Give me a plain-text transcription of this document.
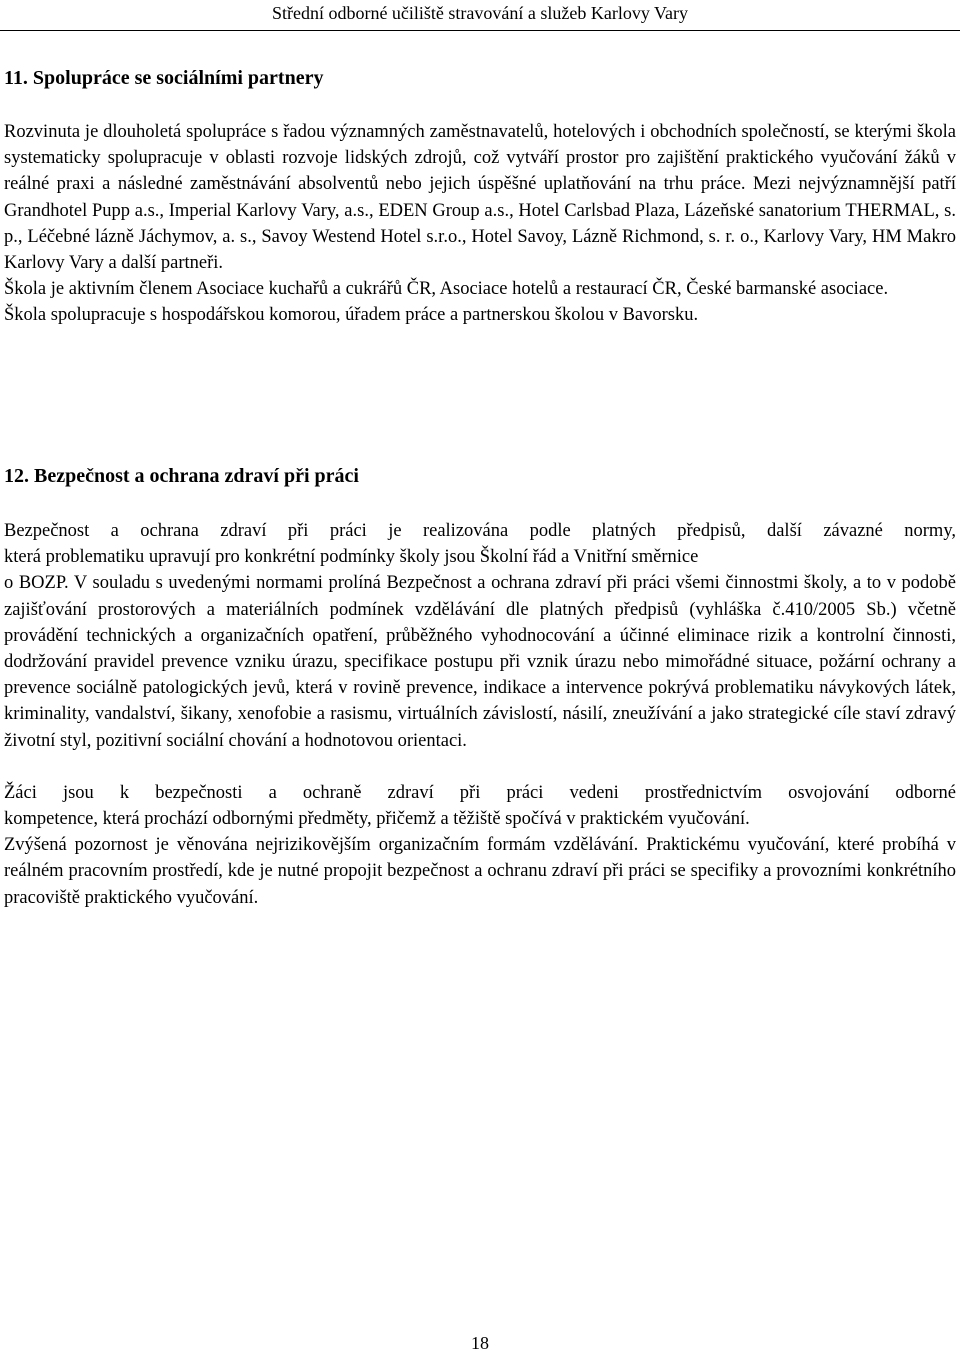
Střední odborné učiliště stravování a služeb Karlovy Vary
11. Spolupráce se sociálními partnery

Rozvinuta je dlouholetá spolupráce s řadou významných zaměstnavatelů, hotelových i obchodních společností, se kterými škola systematicky spolupracuje v oblasti rozvoje lidských zdrojů, což vytváří prostor pro zajištění praktického vyučování žáků v reálné praxi a následné zaměstnávání absolventů nebo jejich úspěšné uplatňování na trhu práce. Mezi nejvýznamnější patří Grandhotel Pupp a.s., Imperial Karlovy Vary, a.s., EDEN Group a.s., Hotel Carlsbad Plaza, Lázeňské sanatorium THERMAL, s. p., Léčebné lázně Jáchymov, a. s., Savoy Westend Hotel s.r.o., Hotel Savoy, Lázně Richmond, s. r. o., Karlovy Vary, HM Makro Karlovy Vary a další partneři.

Škola je aktivním členem Asociace kuchařů a cukrářů ČR, Asociace hotelů a restaurací ČR, České barmanské asociace.

Škola spolupracuje s hospodářskou komorou, úřadem práce a partnerskou školou v Bavorsku.

12. Bezpečnost a ochrana zdraví při práci

Bezpečnost a ochrana zdraví při práci je realizována podle platných předpisů, další závazné normy,

která problematiku upravují pro konkrétní podmínky školy jsou Školní řád a Vnitřní směrnice

o BOZP. V souladu s uvedenými normami prolíná Bezpečnost a ochrana zdraví při práci všemi činnostmi školy, a to v podobě zajišťování prostorových a materiálních podmínek vzdělávání dle platných předpisů (vyhláška č.410/2005 Sb.) včetně provádění technických a organizačních opatření, průběžného vyhodnocování a účinné eliminace rizik a kontrolní činnosti, dodržování pravidel prevence vzniku úrazu, specifikace postupu při vznik úrazu nebo mimořádné situace, požární ochrany a prevence sociálně patologických jevů, která v rovině prevence, indikace a intervence pokrývá problematiku návykových látek, kriminality, vandalství, šikany, xenofobie a rasismu, virtuálních závislostí, násilí, zneužívání a jako strategické cíle staví zdravý životní styl, pozitivní sociální chování a hodnotovou orientaci.

Žáci jsou k bezpečnosti a ochraně zdraví při práci vedeni prostřednictvím osvojování odborné

kompetence, která prochází odbornými předměty, přičemž a těžiště spočívá v praktickém vyučování.

Zvýšená pozornost je věnována nejrizikovějším organizačním formám vzdělávání. Praktickému vyučování, které probíhá v reálném pracovním prostředí, kde je nutné propojit bezpečnost a ochranu zdraví při práci se specifiky a provozními konkrétního pracoviště praktického vyučování.

18
